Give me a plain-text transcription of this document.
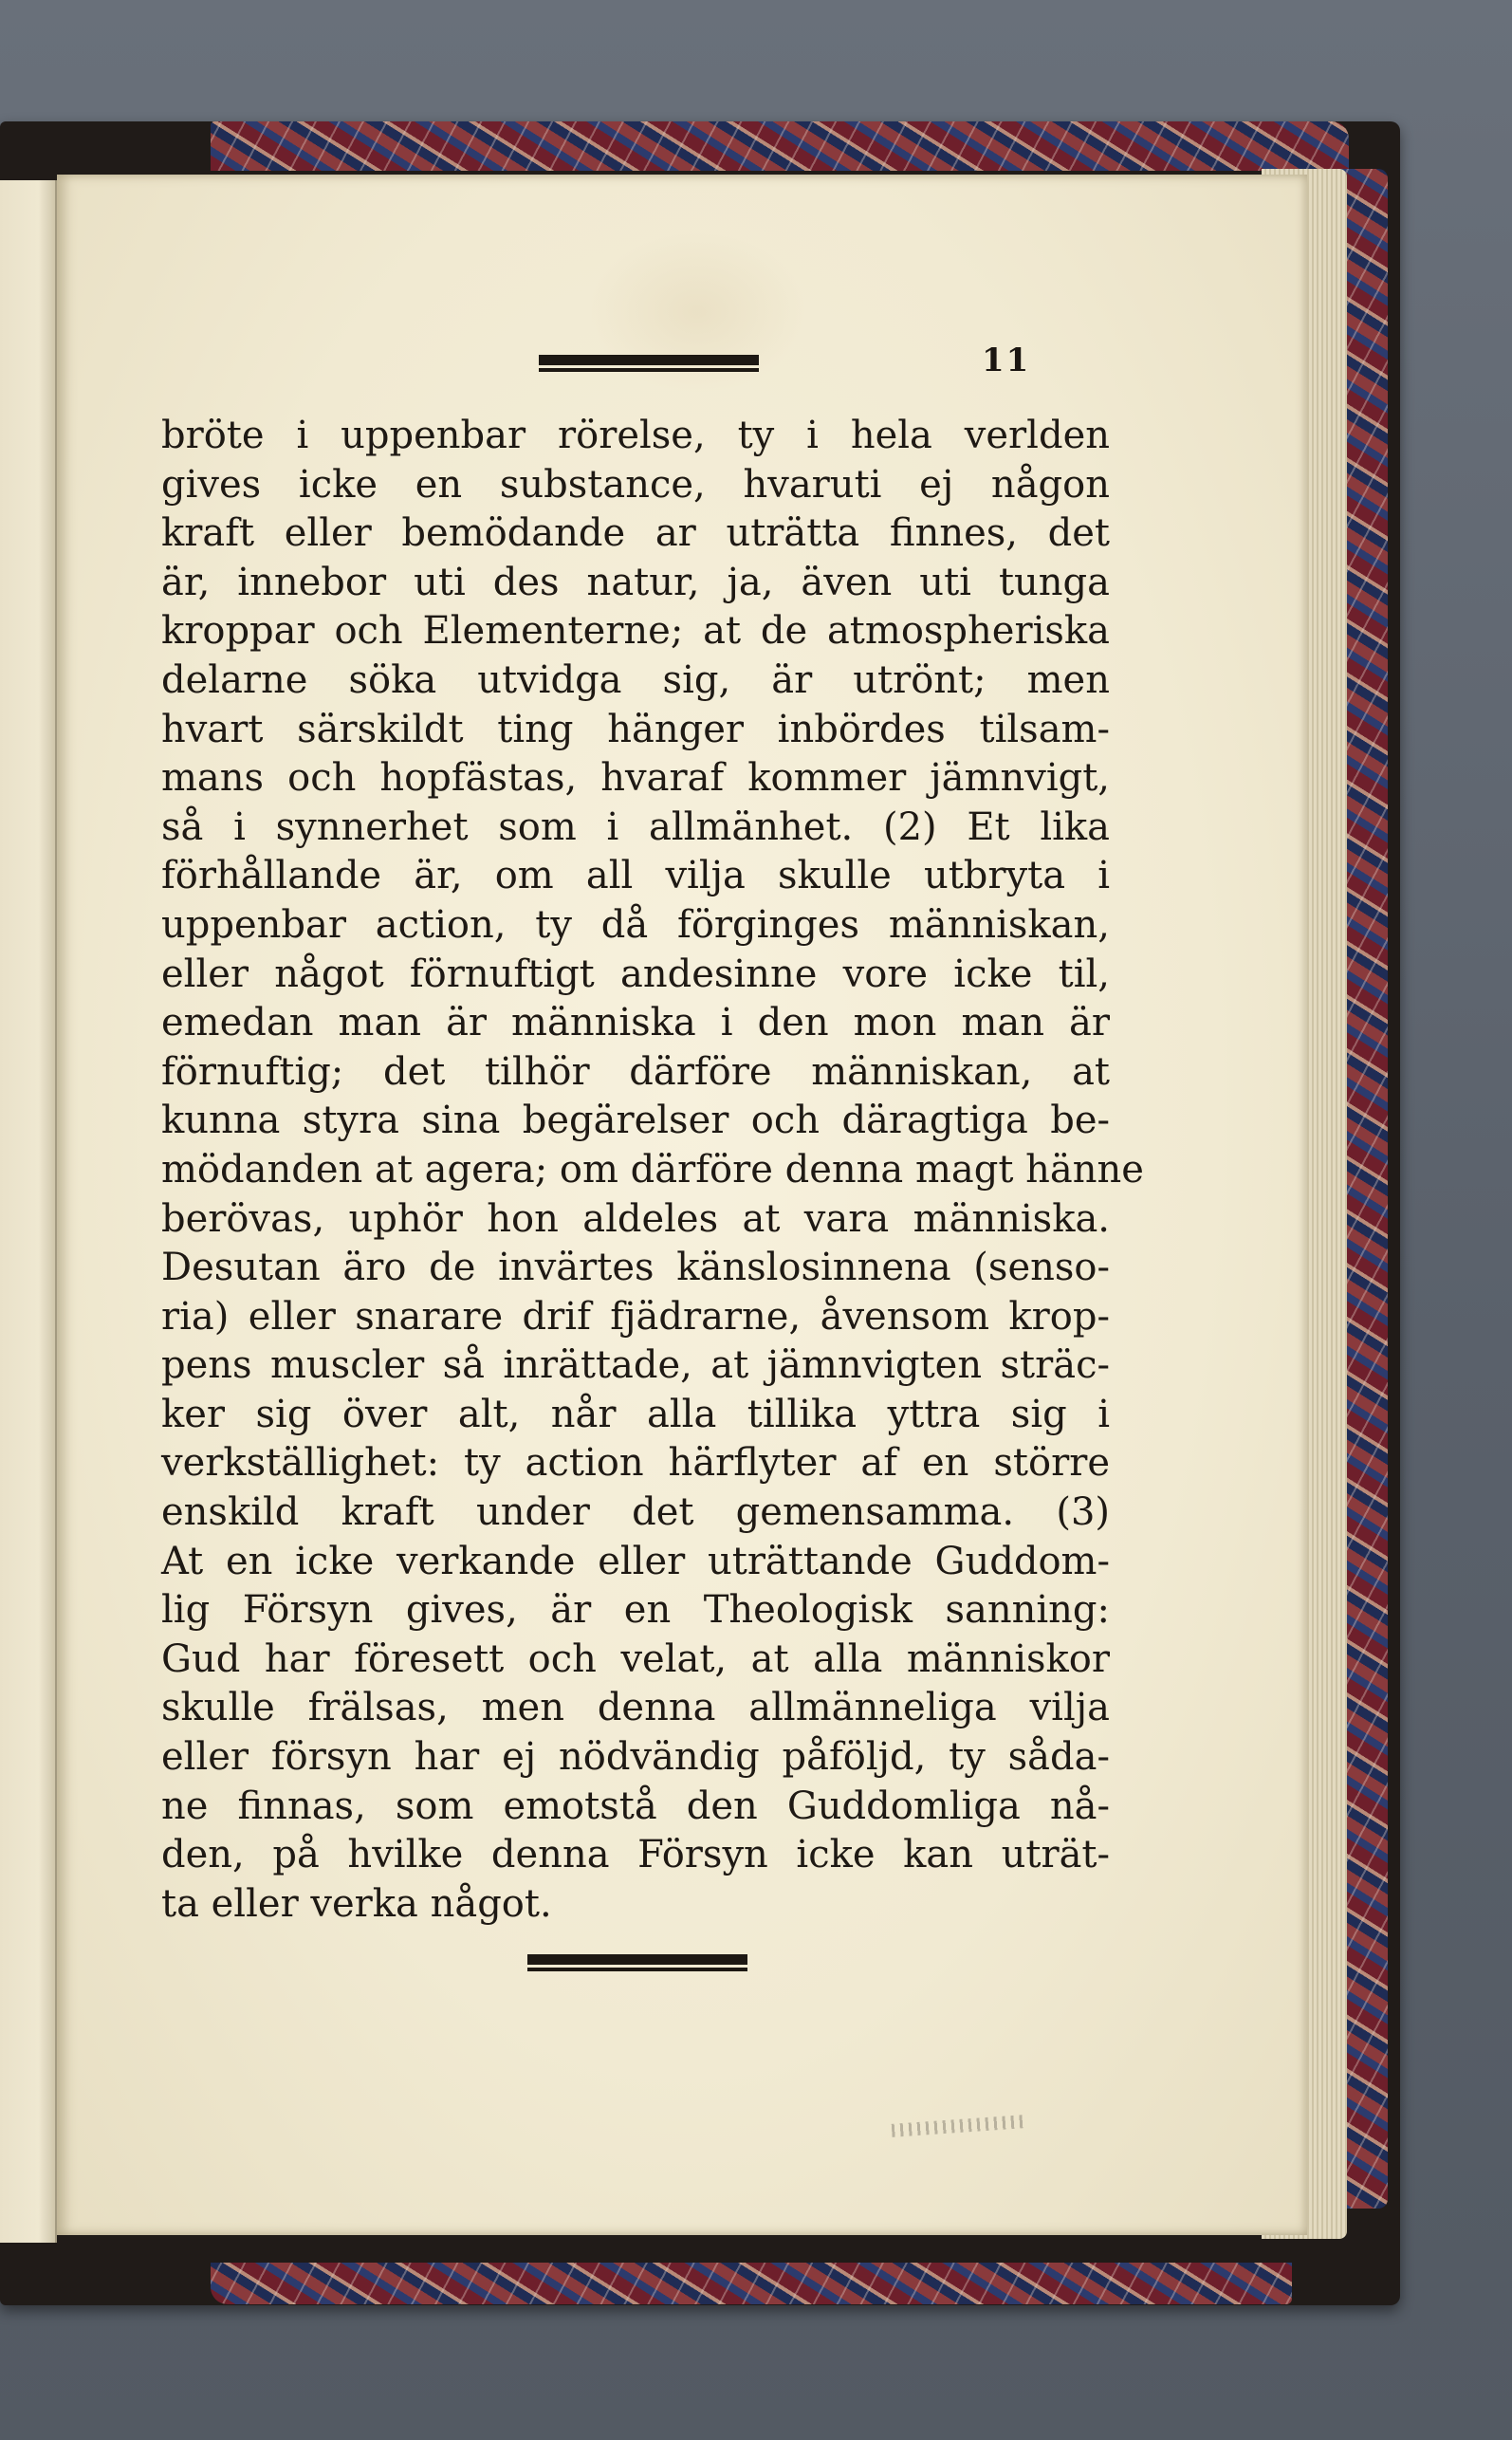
11
bröte i uppenbar rörelse, ty i hela verlden
gives icke en substance, hvaruti ej någon
kraft eller bemödande ar uträtta finnes, det
är, innebor uti des natur, ja, även uti tunga
kroppar och Elementerne; at de atmospheriska
delarne söka utvidga sig, är utrönt; men
hvart särskildt ting hänger inbördes tilsam-
mans och hopfästas, hvaraf kommer jämnvigt,
så i synnerhet som i allmänhet. (2) Et lika
förhållande är, om all vilja skulle utbryta i
uppenbar action, ty då förginges människan,
eller något förnuftigt andesinne vore icke til,
emedan man är människa i den mon man är
förnuftig; det tilhör därföre människan, at
kunna styra sina begärelser och däragtiga be-
mödanden at agera; om därföre denna magt hänne
berövas, uphör hon aldeles at vara människa.
Desutan äro de invärtes känslosinnena (senso-
ria) eller snarare drif fjädrarne, åvensom krop-
pens muscler så inrättade, at jämnvigten sträc-
ker sig över alt, når alla tillika yttra sig i
verkställighet: ty action härflyter af en större
enskild kraft under det gemensamma. (3)
At en icke verkande eller uträttande Guddom-
lig Försyn gives, är en Theologisk sanning:
Gud har föresett och velat, at alla människor
skulle frälsas, men denna allmänneliga vilja
eller försyn har ej nödvändig påföljd, ty såda-
ne finnas, som emotstå den Guddomliga nå-
den, på hvilke denna Försyn icke kan uträt-
ta eller verka något.
